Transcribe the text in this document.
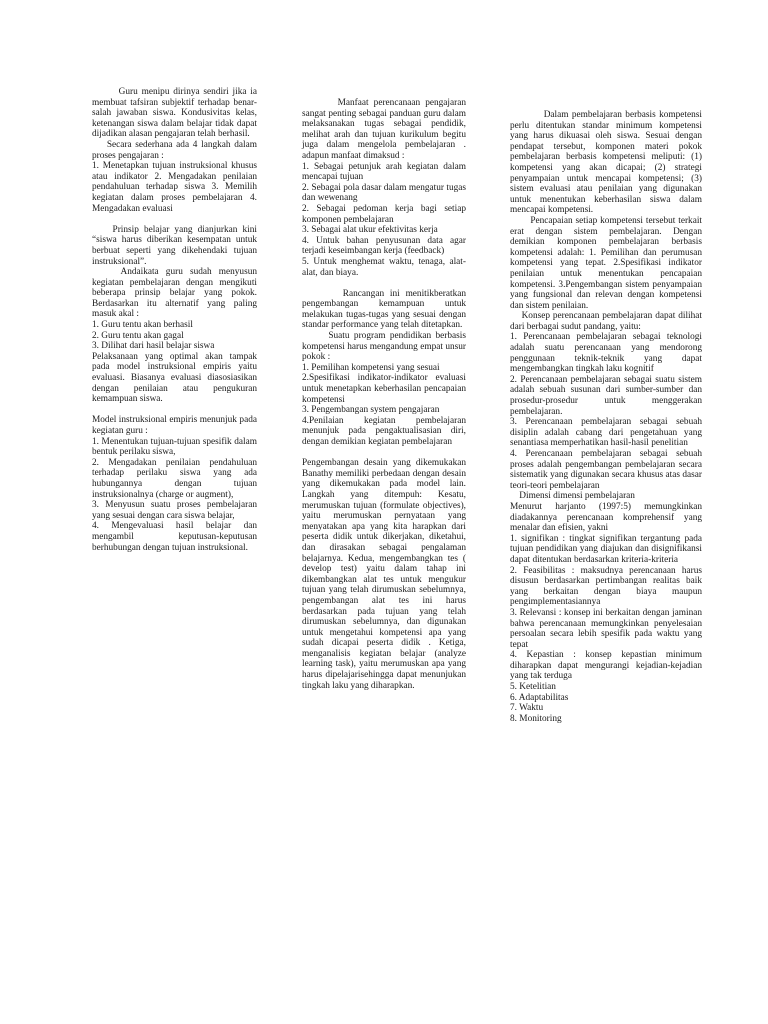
Guru menipu dirinya sendiri jika ia membuat tafsiran subjektif terhadap benar-salah jawaban siswa. Kondusivitas kelas, ketenangan siswa dalam belajar tidak dapat dijadikan alasan pengajaran telah berhasil.

Secara sederhana ada 4 langkah dalam proses pengajaran :

1. Menetapkan tujuan instruksional khusus atau indikator 2. Mengadakan penilaian pendahuluan terhadap siswa 3. Memilih kegiatan dalam proses pembelajaran 4. Mengadakan evaluasi

Prinsip belajar yang dianjurkan kini “siswa harus diberikan kesempatan untuk berbuat seperti yang dikehendaki tujuan instruksional”.

Andaikata guru sudah menyusun kegiatan pembelajaran dengan mengikuti beberapa prinsip belajar yang pokok. Berdasarkan itu alternatif yang paling masuk akal :

1. Guru tentu akan berhasil

2. Guru tentu akan gagal

3. Dilihat dari hasil belajar siswa

Pelaksanaan yang optimal akan tampak pada model instruksional empiris yaitu evaluasi. Biasanya evaluasi diasosiasikan dengan penilaian atau pengukuran kemampuan siswa.

Model instruksional empiris menunjuk pada kegiatan guru :

1. Menentukan tujuan-tujuan spesifik dalam bentuk perilaku siswa,

2. Mengadakan penilaian pendahuluan terhadap perilaku siswa yang ada hubungannya dengan tujuan instruksionalnya (charge or augment),

3. Menyusun suatu proses pembelajaran yang sesuai dengan cara siswa belajar,

4. Mengevaluasi hasil belajar dan mengambil keputusan-keputusan berhubungan dengan tujuan instruksional.

Manfaat perencanaan pengajaran sangat penting sebagai panduan guru dalam melaksanakan tugas sebagai pendidik, melihat arah dan tujuan kurikulum begitu juga dalam mengelola pembelajaran . adapun manfaat dimaksud :

1. Sebagai petunjuk arah kegiatan dalam mencapai tujuan

2. Sebagai pola dasar dalam mengatur tugas dan wewenang

2. Sebagai pedoman kerja bagi setiap komponen pembelajaran

3. Sebagai alat ukur efektivitas kerja

4. Untuk bahan penyusunan data agar terjadi keseimbangan kerja (feedback)

5. Untuk menghemat waktu, tenaga, alat-alat, dan biaya.

Rancangan ini menitikberatkan pengembangan kemampuan untuk melakukan tugas-tugas yang sesuai dengan standar performance yang telah ditetapkan.

Suatu program pendidikan berbasis kompetensi harus mengandung empat unsur pokok :

1. Pemilihan kompetensi yang sesuai

2.Spesifikasi indikator-indikator evaluasi untuk menetapkan keberhasilan pencapaian kompetensi

3. Pengembangan system pengajaran

4.Penilaian kegiatan pembelajaran menunjuk pada pengaktualisasian diri, dengan demikian kegiatan pembelajaran

Pengembangan desain yang dikemukakan Banathy memiliki perbedaan dengan desain yang dikemukakan pada model lain. Langkah yang ditempuh: Kesatu, merumuskan tujuan (formulate objectives), yaitu merumuskan pernyataan yang menyatakan apa yang kita harapkan dari peserta didik untuk dikerjakan, diketahui, dan dirasakan sebagai pengalaman belajarnya. Kedua, mengembangkan tes ( develop test) yaitu dalam tahap ini dikembangkan alat tes untuk mengukur tujuan yang telah dirumuskan sebelumnya, pengembangan alat tes ini harus berdasarkan pada tujuan yang telah dirumuskan sebelumnya, dan digunakan untuk mengetahui kompetensi apa yang sudah dicapai peserta didik . Ketiga, menganalisis kegiatan belajar (analyze learning task), yaitu merumuskan apa yang harus dipelajarisehingga dapat menunjukan tingkah laku yang diharapkan.

Dalam pembelajaran berbasis kompetensi perlu ditentukan standar minimum kompetensi yang harus dikuasai oleh siswa. Sesuai dengan pendapat tersebut, komponen materi pokok pembelajaran berbasis kompetensi meliputi: (1) kompetensi yang akan dicapai; (2) strategi penyampaian untuk mencapai kompetensi; (3) sistem evaluasi atau penilaian yang digunakan untuk menentukan keberhasilan siswa dalam mencapai kompetensi.

Pencapaian setiap kompetensi tersebut terkait erat dengan sistem pembelajaran. Dengan demikian komponen pembelajaran berbasis kompetensi adalah: 1. Pemilihan dan perumusan kompetensi yang tepat. 2.Spesifikasi indikator penilaian untuk menentukan pencapaian kompetensi. 3.Pengembangan sistem penyampaian yang fungsional dan relevan dengan kompetensi dan sistem penilaian.

Konsep perencanaan pembelajaran dapat dilihat dari berbagai sudut pandang, yaitu:

1. Perencanaan pembelajaran sebagai teknologi adalah suatu perencanaan yang mendorong penggunaan teknik-teknik yang dapat mengembangkan tingkah laku kognitif

2. Perencanaan pembelajaran sebagai suatu sistem adalah sebuah susunan dari sumber-sumber dan prosedur-prosedur untuk menggerakan pembelajaran.

3. Perencanaan pembelajaran sebagai sebuah disiplin adalah cabang dari pengetahuan yang senantiasa memperhatikan hasil-hasil penelitian

4. Perencanaan pembelajaran sebagai sebuah proses adalah pengembangan pembelajaran secara sistematik yang digunakan secara khusus atas dasar teori-teori pembelajaran

Dimensi dimensi pembelajaran

Menurut harjanto (1997:5) memungkinkan diadakannya perencanaan komprehensif yang menalar dan efisien, yakni

1. signifikan : tingkat signifikan tergantung pada tujuan pendidikan yang diajukan dan disignifikansi dapat ditentukan berdasarkan kriteria-kriteria

2. Feasibilitas : maksudnya perencanaan harus disusun berdasarkan pertimbangan realitas baik yang berkaitan dengan biaya maupun pengimplementasiannya

3. Relevansi : konsep ini berkaitan dengan jaminan bahwa perencanaan memungkinkan penyelesaian persoalan secara lebih spesifik pada waktu yang tepat

4. Kepastian : konsep kepastian minimum diharapkan dapat mengurangi kejadian-kejadian yang tak terduga

5. Ketelitian

6. Adaptabilitas

7. Waktu

8. Monitoring
